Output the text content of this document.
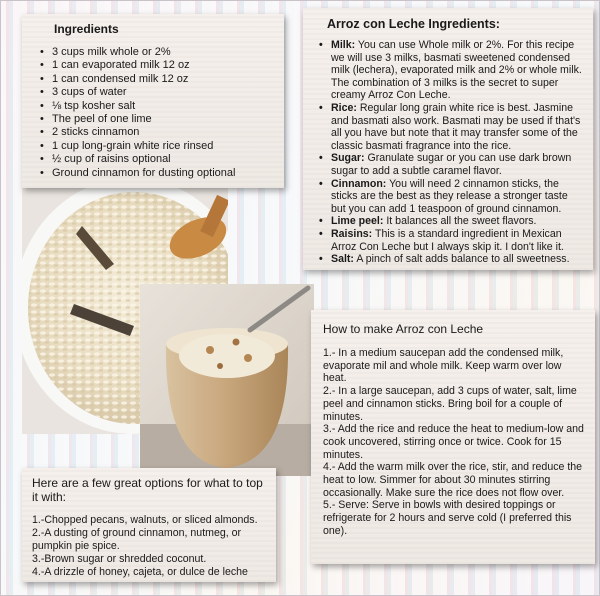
Ingredients
• 3 cups milk whole or 2%
• 1 can evaporated milk 12 oz
• 1 can condensed milk 12 oz
• 3 cups of water
• ⅛ tsp kosher salt
• The peel of one lime
• 2 sticks cinnamon
• 1 cup long-grain white rice rinsed
• ½ cup of raisins optional
• Ground cinnamon for dusting optional
Arroz con Leche Ingredients:
• Milk: You can use Whole milk or 2%. For this recipe we will use 3 milks, basmati sweetened condensed milk (lechera), evaporated milk and 2% or whole milk. The combination of 3 milks is the secret to super creamy Arroz Con Leche.
• Rice: Regular long grain white rice is best. Jasmine and basmati also work. Basmati may be used if that's all you have but note that it may transfer some of the classic basmati fragrance into the rice.
• Sugar: Granulate sugar or you can use dark brown sugar to add a subtle caramel flavor.
• Cinnamon: You will need 2 cinnamon sticks, the sticks are the best as they release a stronger taste but you can add 1 teaspoon of ground cinnamon.
• Lime peel: It balances all the sweet flavors.
• Raisins: This is a standard ingredient in Mexican Arroz Con Leche but I always skip it. I don't like it.
• Salt: A pinch of salt adds balance to all sweetness.
How to make Arroz con Leche

1.- In a medium saucepan add the condensed milk, evaporate mil and whole milk. Keep warm over low heat.

2.- In a large saucepan, add 3 cups of water, salt, lime peel and cinnamon sticks. Bring boil for a couple of minutes.

3.- Add the rice and reduce the heat to medium-low and cook uncovered, stirring once or twice. Cook for 15 minutes.

4.- Add the warm milk over the rice, stir, and reduce the heat to low. Simmer for about 30 minutes stirring occasionally. Make sure the rice does not flow over.

5.- Serve: Serve in bowls with desired toppings or refrigerate for 2 hours and serve cold (I preferred this one).

Here are a few great options for what to top it with:

1.-Chopped pecans, walnuts, or sliced almonds.

2.-A dusting of ground cinnamon, nutmeg, or pumpkin pie spice.

3.-Brown sugar or shredded coconut.

4.-A drizzle of honey, cajeta, or dulce de leche
